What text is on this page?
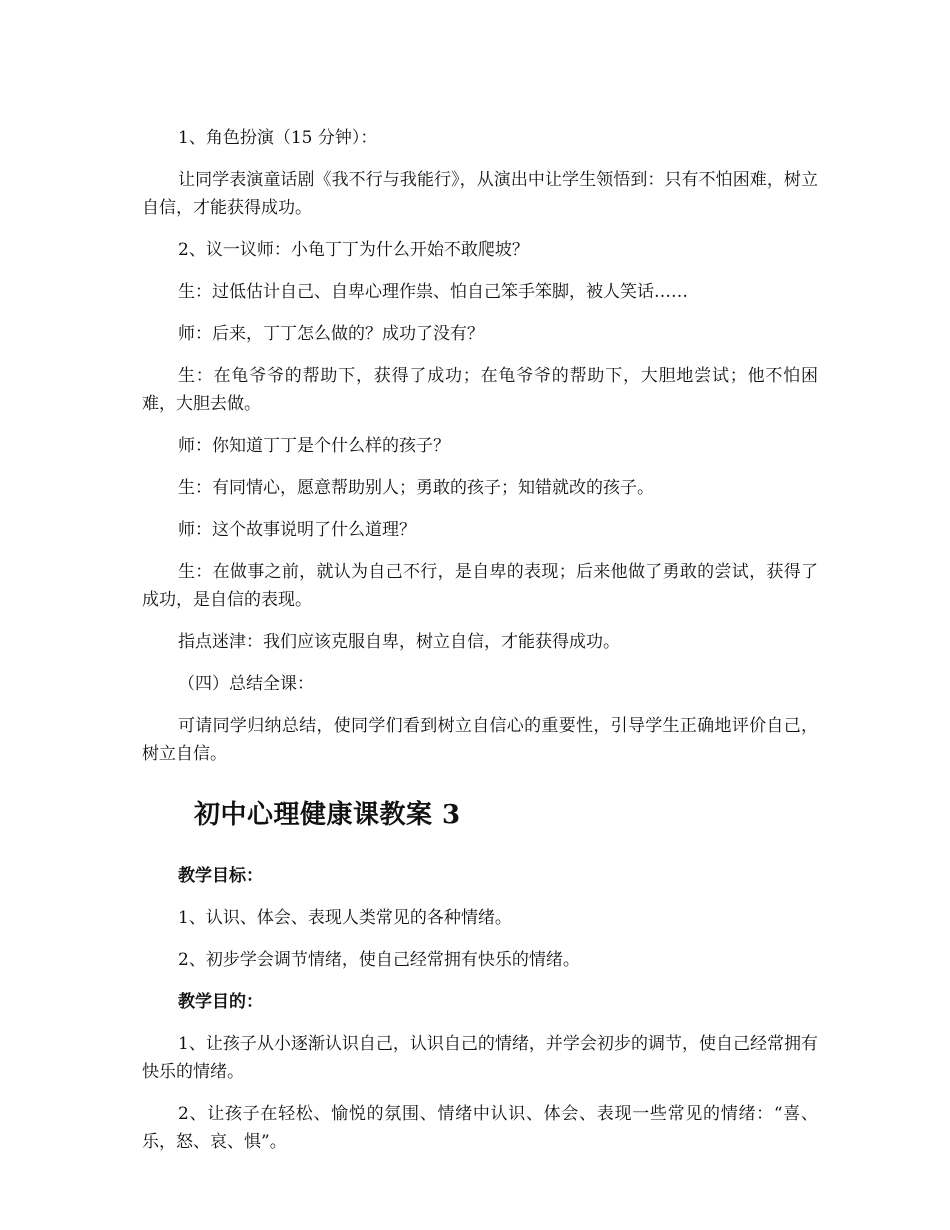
1、角色扮演（15 分钟）：

让同学表演童话剧《我不行与我能行》，从演出中让学生领悟到：只有不怕困难，树立自信，才能获得成功。

2、议一议师：小龟丁丁为什么开始不敢爬坡？

生：过低估计自己、自卑心理作祟、怕自己笨手笨脚，被人笑话……

师：后来，丁丁怎么做的？成功了没有？

生：在龟爷爷的帮助下，获得了成功；在龟爷爷的帮助下，大胆地尝试；他不怕困难，大胆去做。

师：你知道丁丁是个什么样的孩子？

生：有同情心，愿意帮助别人；勇敢的孩子；知错就改的孩子。

师：这个故事说明了什么道理？

生：在做事之前，就认为自己不行，是自卑的表现；后来他做了勇敢的尝试，获得了成功，是自信的表现。

指点迷津：我们应该克服自卑，树立自信，才能获得成功。

（四）总结全课：

可请同学归纳总结，使同学们看到树立自信心的重要性，引导学生正确地评价自己，树立自信。

初中心理健康课教案 3

教学目标：

1、认识、体会、表现人类常见的各种情绪。

2、初步学会调节情绪，使自己经常拥有快乐的情绪。

教学目的：

1、让孩子从小逐渐认识自己，认识自己的情绪，并学会初步的调节，使自己经常拥有快乐的情绪。

2、让孩子在轻松、愉悦的氛围、情绪中认识、体会、表现一些常见的情绪：“喜、乐，怒、哀、惧”。
